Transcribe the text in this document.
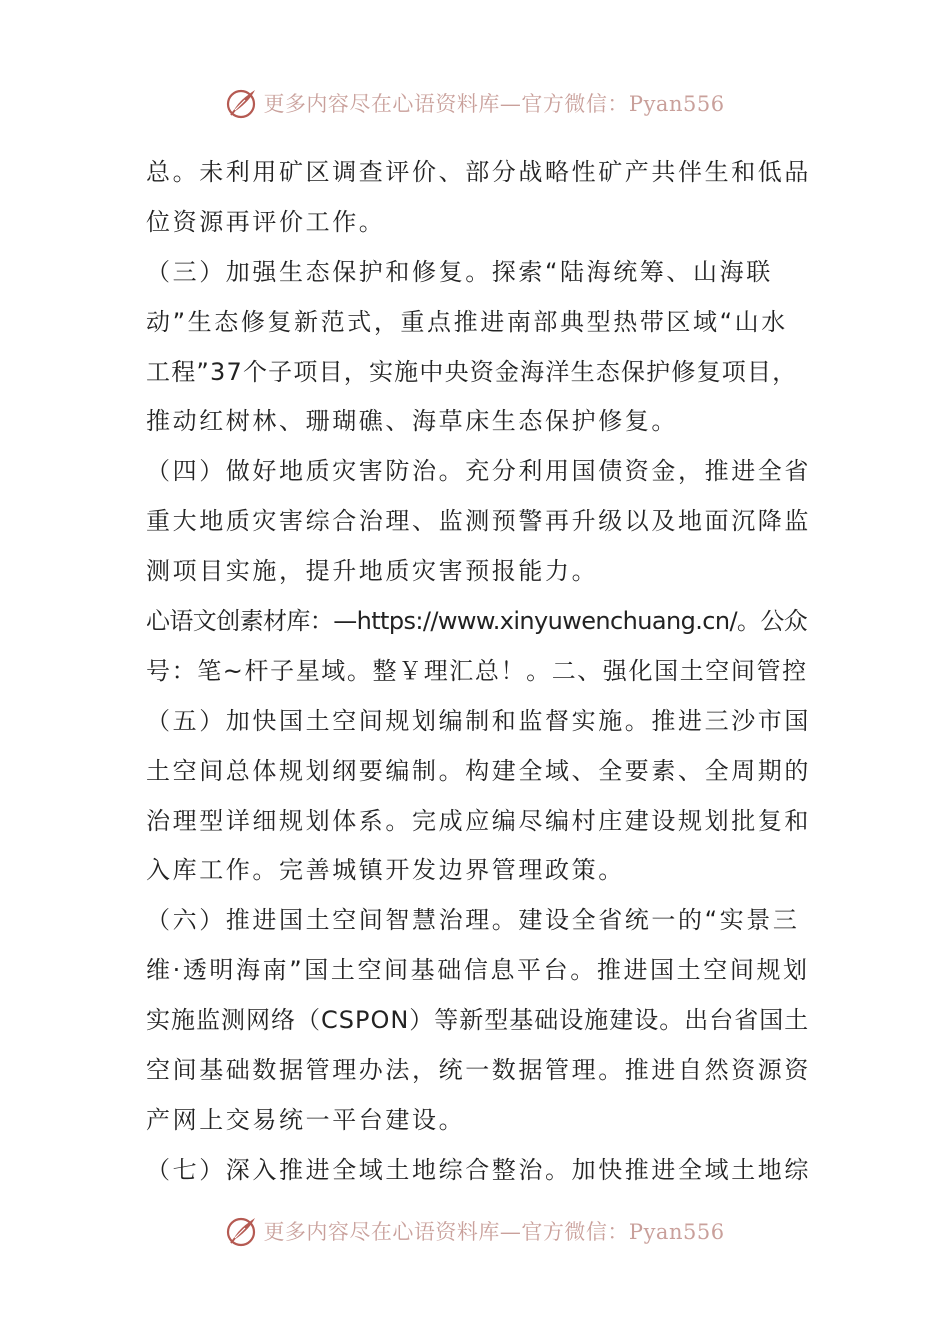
更多内容尽在心语资料库—官方微信：Pyan556
总。未利用矿区调查评价、部分战略性矿产共伴生和低品
位资源再评价工作。
（三）加强生态保护和修复。探索“陆海统筹、山海联
动”生态修复新范式，重点推进南部典型热带区域“山水
工程”37个子项目，实施中央资金海洋生态保护修复项目，
推动红树林、珊瑚礁、海草床生态保护修复。
（四）做好地质灾害防治。充分利用国债资金，推进全省
重大地质灾害综合治理、监测预警再升级以及地面沉降监
测项目实施，提升地质灾害预报能力。
心语文创素材库：—https://www.xinyuwenchuang.cn/。公众
号：笔~杆子星域。整￥理汇总！。二、强化国土空间管控
（五）加快国土空间规划编制和监督实施。推进三沙市国
土空间总体规划纲要编制。构建全域、全要素、全周期的
治理型详细规划体系。完成应编尽编村庄建设规划批复和
入库工作。完善城镇开发边界管理政策。
（六）推进国土空间智慧治理。建设全省统一的“实景三
维·透明海南”国土空间基础信息平台。推进国土空间规划
实施监测网络（CSPON）等新型基础设施建设。出台省国土
空间基础数据管理办法，统一数据管理。推进自然资源资
产网上交易统一平台建设。
（七）深入推进全域土地综合整治。加快推进全域土地综
更多内容尽在心语资料库—官方微信：Pyan556
